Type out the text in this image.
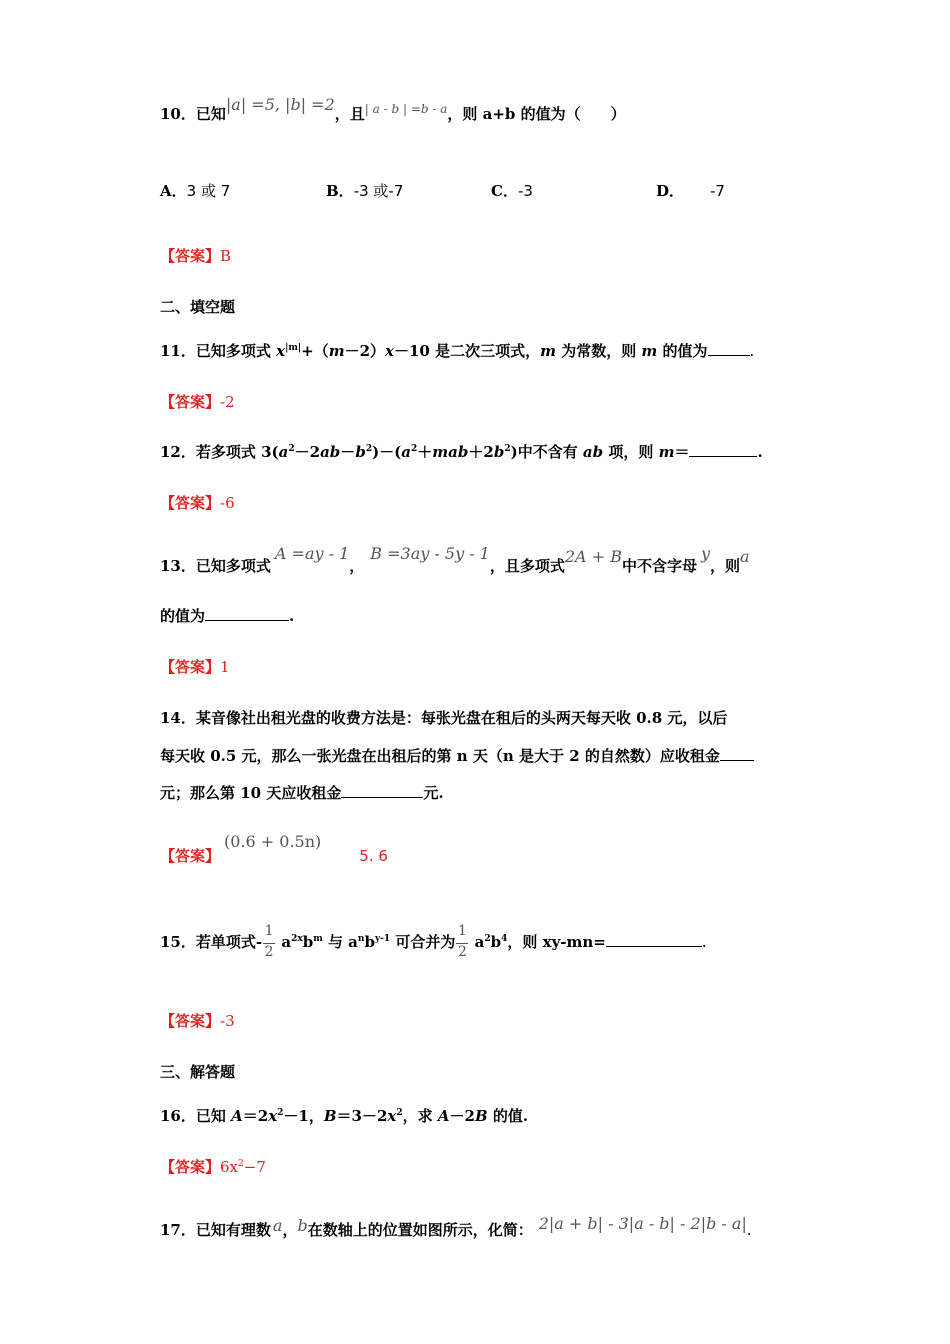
10．已知|a| =5, |b| =2，且$^{| a - b | =b - a}$，则 a+b 的值为（　　）
A．3 或 7	B．-3 或-7	C．-3	D． -7
【答案】B
二、填空题
11．已知多项式 $x^{|m|}+(m-2)x-10$ 是二次三项式，m 为常数，则 m 的值为	.
【答案】-2
12．若多项式 $3(a^2-2ab-b^2)-(a^2+mab+2b^2)$中不含有 ab 项，则 m＝	.
【答案】-6
13．已知多项式A =ay - 1，B =3ay - 5y - 1，且多项式2A + B中不含字母y，则a
的值为	.
【答案】1
14．某音像社出租光盘的收费方法是：每张光盘在租后的头两天每天收 0.8 元，以后
每天收 0.5 元，那么一张光盘在出租后的第 n 天（n 是大于 2 的自然数）应收租金
元；那么第 10 天应收租金	元.
【答案】(0.6 + 0.5n)5. 6
15．若单项式- $\frac{1}{2} a^{2x}b^m$ 与 $a^nb^{y-1}$ 可合并为 $\frac{1}{2} a^2b^4$，则 xy-mn=	.
【答案】-3
三、解答题
16．已知 $A=2x^2-1$，$B=3-2x^2$，求 A－2B 的值.
【答案】$6x^2-7$
17．已知有理数 a，b在数轴上的位置如图所示，化简： 2|a + b| - 3|a - b| - 2|b - a|.
